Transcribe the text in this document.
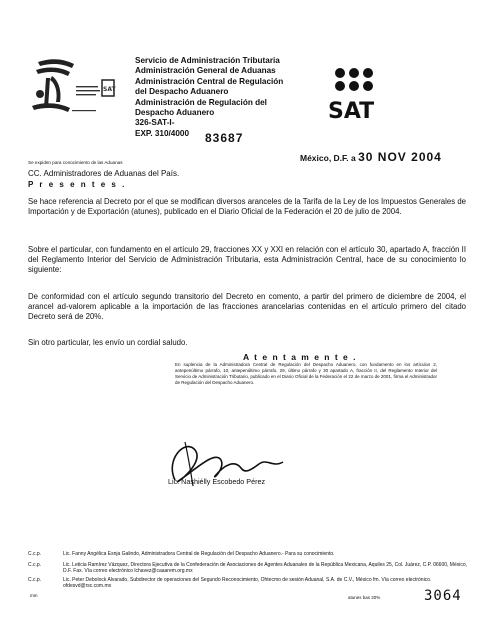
SAT
Servicio de Administración Tributaria
Administración General de Aduanas
Administración Central de Regulación
del Despacho Aduanero
Administración de Regulación del
Despacho Aduanero
326-SAT-I-
EXP. 310/4000	83687
SAT
México, D.F. a 30 NOV 2004
Se expiden para conocimiento de las Aduanas
CC. Administradores de Aduanas del País.
P r e s e n t e s .
Se hace referencia al Decreto por el que se modifican diversos aranceles de la Tarifa de la Ley de los Impuestos Generales de Importación y de Exportación (atunes), publicado en el Diario Oficial de la Federación el 20 de julio de 2004.
Sobre el particular, con fundamento en el artículo 29, fracciones XX y XXI en relación con el artículo 30, apartado A, fracción II del Reglamento Interior del Servicio de Administración Tributaria, esta Administración Central, hace de su conocimiento lo siguiente:
De conformidad con el artículo segundo transitorio del Decreto en comento, a partir del primero de diciembre de 2004, el arancel ad-valorem aplicable a la importación de las fracciones arancelarias contenidas en el artículo primero del citado Decreto será de 20%.
Sin otro particular, les envío un cordial saludo.
A t e n t a m e n t e .
En suplencia de la Administradora Central de Regulación del Despacho Aduanero, con fundamento en los artículos 2, antepenúltimo párrafo, 10, antepenúltimo párrafo, 29, último párrafo y 30 apartado A, fracción II, del Reglamento Interior del Servicio de Administración Tributario, publicado en el Diario Oficial de la Federación el 22 de marzo de 2001, firma el Administrador de Regulación del Despacho Aduanero.
Lic. Nashiélly Escobedo Pérez
C.c.p.	Lic. Fanny Angélica Esnja Galindo, Administradora Central de Regulación del Despacho Aduanero.- Para su conocimiento.
C.c.p.	Lic. Leticia Ramírez Vázquez, Directora Ejecutiva de la Confederación de Asociaciones de Agentes Aduanales de la República Mexicana, Aquiles 25, Col. Juárez, C.P. 06600, México, D.F. Fax. Vía correo electrónico lchavez@caaarem.org.mx
C.c.p.	Lic. Peter Debolock Alvarado, Subdirector de operaciones del Segundo Reconocimiento, Ohtecmo de sesión Aduanal, S.A. de C.V., México fm. Vía correo electrónico. ofdesvd@rsc.com.mx
mm	atunes bas 20%	3064
